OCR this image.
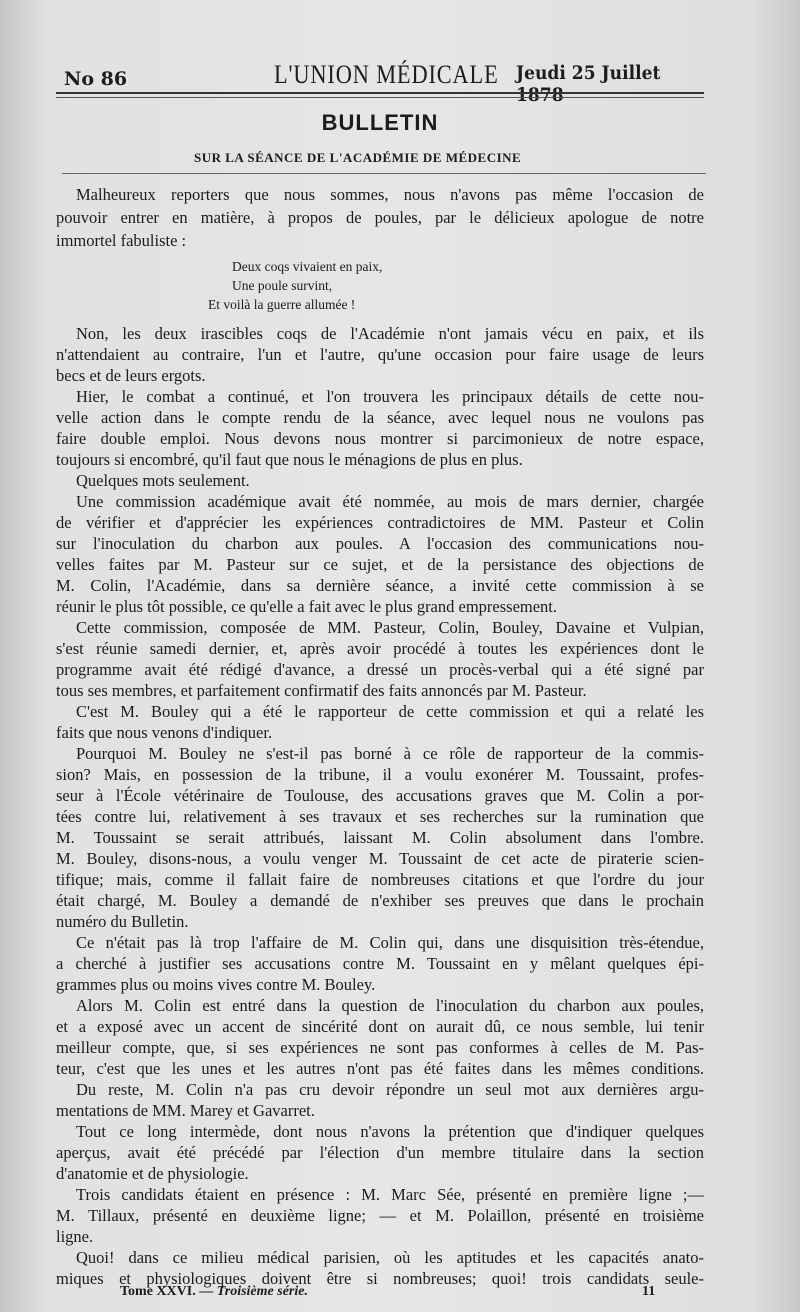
No 86	L'UNION MÉDICALE Jeudi 25 Juillet 1878
BULLETIN
SUR LA SÉANCE DE L'ACADÉMIE DE MÉDECINE
Malheureux reporters que nous sommes, nous n'avons pas même l'occasion de
pouvoir entrer en matière, à propos de poules, par le délicieux apologue de notre
immortel fabuliste :
Deux coqs vivaient en paix,
Une poule survint,
Et voilà la guerre allumée !
Non, les deux irascibles coqs de l'Académie n'ont jamais vécu en paix, et ils
n'attendaient au contraire, l'un et l'autre, qu'une occasion pour faire usage de leurs
becs et de leurs ergots.
Hier, le combat a continué, et l'on trouvera les principaux détails de cette nou-
velle action dans le compte rendu de la séance, avec lequel nous ne voulons pas
faire double emploi. Nous devons nous montrer si parcimonieux de notre espace,
toujours si encombré, qu'il faut que nous le ménagions de plus en plus.
Quelques mots seulement.
Une commission académique avait été nommée, au mois de mars dernier, chargée
de vérifier et d'apprécier les expériences contradictoires de MM. Pasteur et Colin
sur l'inoculation du charbon aux poules. A l'occasion des communications nou-
velles faites par M. Pasteur sur ce sujet, et de la persistance des objections de
M. Colin, l'Académie, dans sa dernière séance, a invité cette commission à se
réunir le plus tôt possible, ce qu'elle a fait avec le plus grand empressement.
Cette commission, composée de MM. Pasteur, Colin, Bouley, Davaine et Vulpian,
s'est réunie samedi dernier, et, après avoir procédé à toutes les expériences dont le
programme avait été rédigé d'avance, a dressé un procès-verbal qui a été signé par
tous ses membres, et parfaitement confirmatif des faits annoncés par M. Pasteur.
C'est M. Bouley qui a été le rapporteur de cette commission et qui a relaté les
faits que nous venons d'indiquer.
Pourquoi M. Bouley ne s'est-il pas borné à ce rôle de rapporteur de la commis-
sion? Mais, en possession de la tribune, il a voulu exonérer M. Toussaint, profes-
seur à l'École vétérinaire de Toulouse, des accusations graves que M. Colin a por-
tées contre lui, relativement à ses travaux et ses recherches sur la rumination que
M. Toussaint se serait attribués, laissant M. Colin absolument dans l'ombre.
M. Bouley, disons-nous, a voulu venger M. Toussaint de cet acte de piraterie scien-
tifique; mais, comme il fallait faire de nombreuses citations et que l'ordre du jour
était chargé, M. Bouley a demandé de n'exhiber ses preuves que dans le prochain
numéro du Bulletin.
Ce n'était pas là trop l'affaire de M. Colin qui, dans une disquisition très-étendue,
a cherché à justifier ses accusations contre M. Toussaint en y mêlant quelques épi-
grammes plus ou moins vives contre M. Bouley.
Alors M. Colin est entré dans la question de l'inoculation du charbon aux poules,
et a exposé avec un accent de sincérité dont on aurait dû, ce nous semble, lui tenir
meilleur compte, que, si ses expériences ne sont pas conformes à celles de M. Pas-
teur, c'est que les unes et les autres n'ont pas été faites dans les mêmes conditions.
Du reste, M. Colin n'a pas cru devoir répondre un seul mot aux dernières argu-
mentations de MM. Marey et Gavarret.
Tout ce long intermède, dont nous n'avons la prétention que d'indiquer quelques
aperçus, avait été précédé par l'élection d'un membre titulaire dans la section
d'anatomie et de physiologie.
Trois candidats étaient en présence : M. Marc Sée, présenté en première ligne ;—
M. Tillaux, présenté en deuxième ligne; — et M. Polaillon, présenté en troisième
ligne.
Quoi! dans ce milieu médical parisien, où les aptitudes et les capacités anato-
miques et physiologiques doivent être si nombreuses; quoi! trois candidats seule-
Tome XXVI. — Troisième série.	11
